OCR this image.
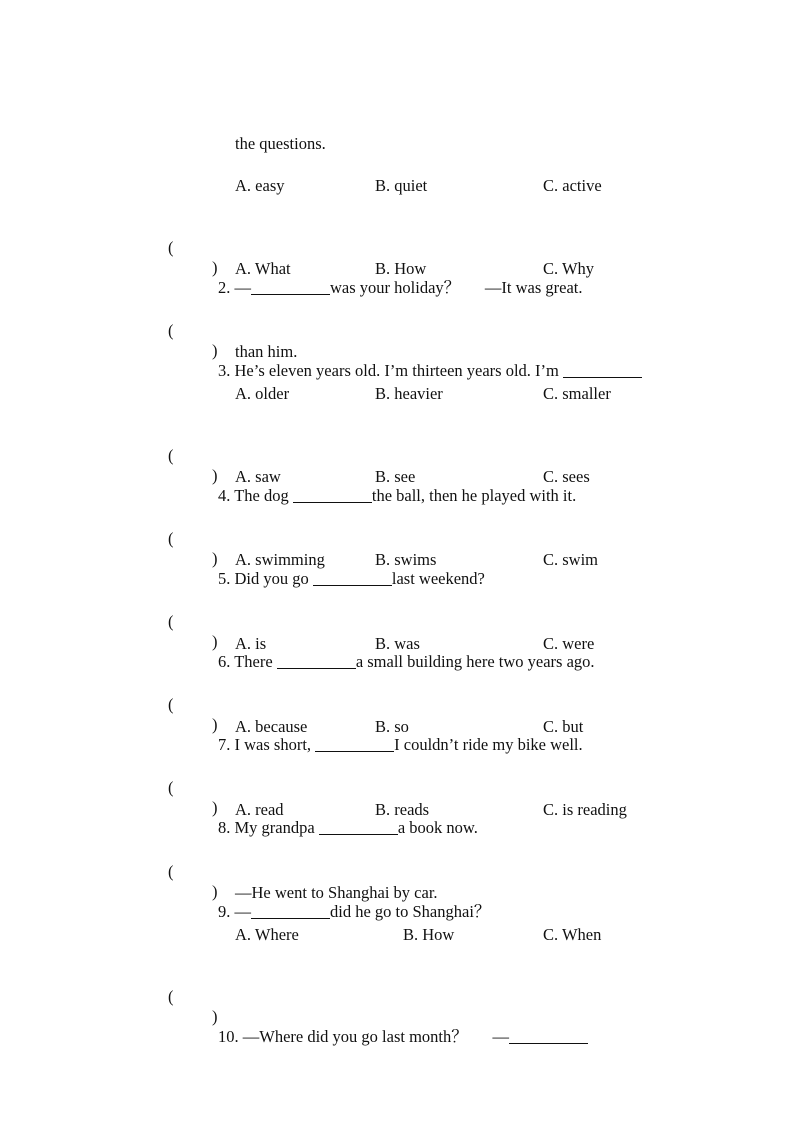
the questions.
A. easy	B. quiet	C. active

(

)

2. —	was your holiday？      —It was great.

A. What	B. How	C. Why

(

)

3. He’s eleven years old. I’m thirteen years old. I’m

than him.
A. older	B. heavier	C. smaller

(

)

4. The dog	the ball, then he played with it.

A. saw	B. see	C. sees

(

)

5. Did you go	last weekend?

A. swimming	B. swims	C. swim

(

)

6. There	a small building here two years ago.

A. is	B. was	C. were

(

)

7. I was short,	I couldn’t ride my bike well.

A. because	B. so	C. but

(

)

8. My grandpa	a book now.

A. read	B. reads	C. is reading

(

)

9. —	did he go to Shanghai？

—He went to Shanghai by car.
A. Where	B. How	C. When

(

)

10. —Where did you go last month？      —
